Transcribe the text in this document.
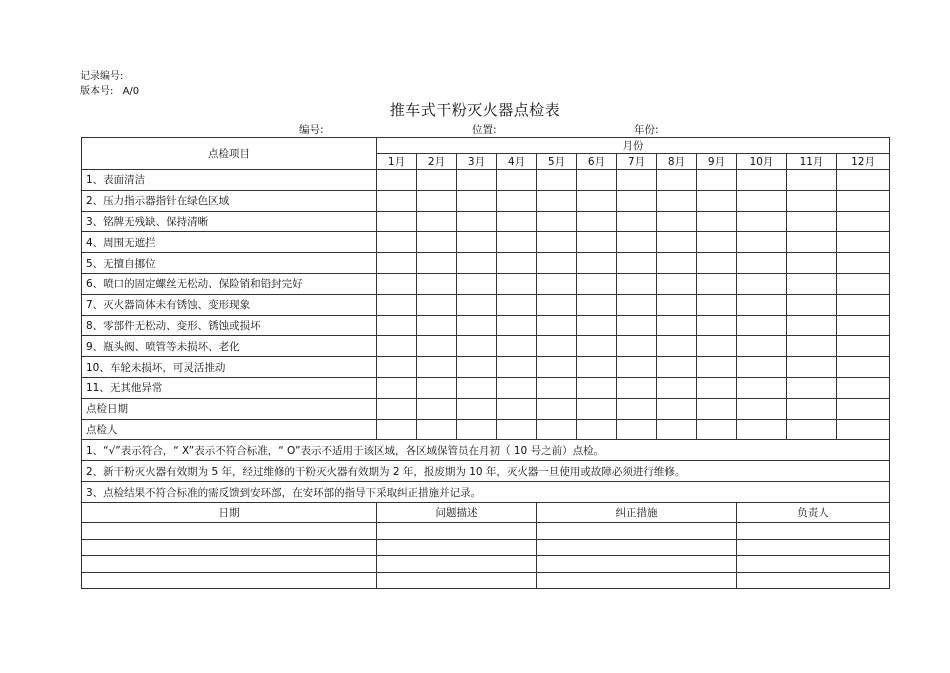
记录编号:
版本号: A/0
推车式干粉灭火器点检表
编号:	位置:	年份:
点检项目	月份											
	1月	2月	3月	4月	5月	6月	7月	8月	9月	10月	11月	12月
1、表面清洁												
2、压力指示器指针在绿色区域												
3、铭牌无残缺、保持清晰												
4、周围无遮拦												
5、无擅自挪位												
6、喷口的固定螺丝无松动、保险销和铅封完好												
7、灭火器筒体未有锈蚀、变形现象												
8、零部件无松动、变形、锈蚀或损坏												
9、瓶头阀、喷管等未损坏、老化												
10、车轮未损坏，可灵活推动												
11、无其他异常												
点检日期												
点检人												
1、“√”表示符合，“ X”表示不符合标准，“ O”表示不适用于该区域，各区域保管员在月初（ 10 号之前）点检。												
2、新干粉灭火器有效期为 5 年，经过维修的干粉灭火器有效期为 2 年，报废期为 10 年，灭火器一旦使用或故障必须进行维修。												
3、点检结果不符合标准的需反馈到安环部，在安环部的指导下采取纠正措施并记录。												
日期	问题描述				纠正措施					负责人		
